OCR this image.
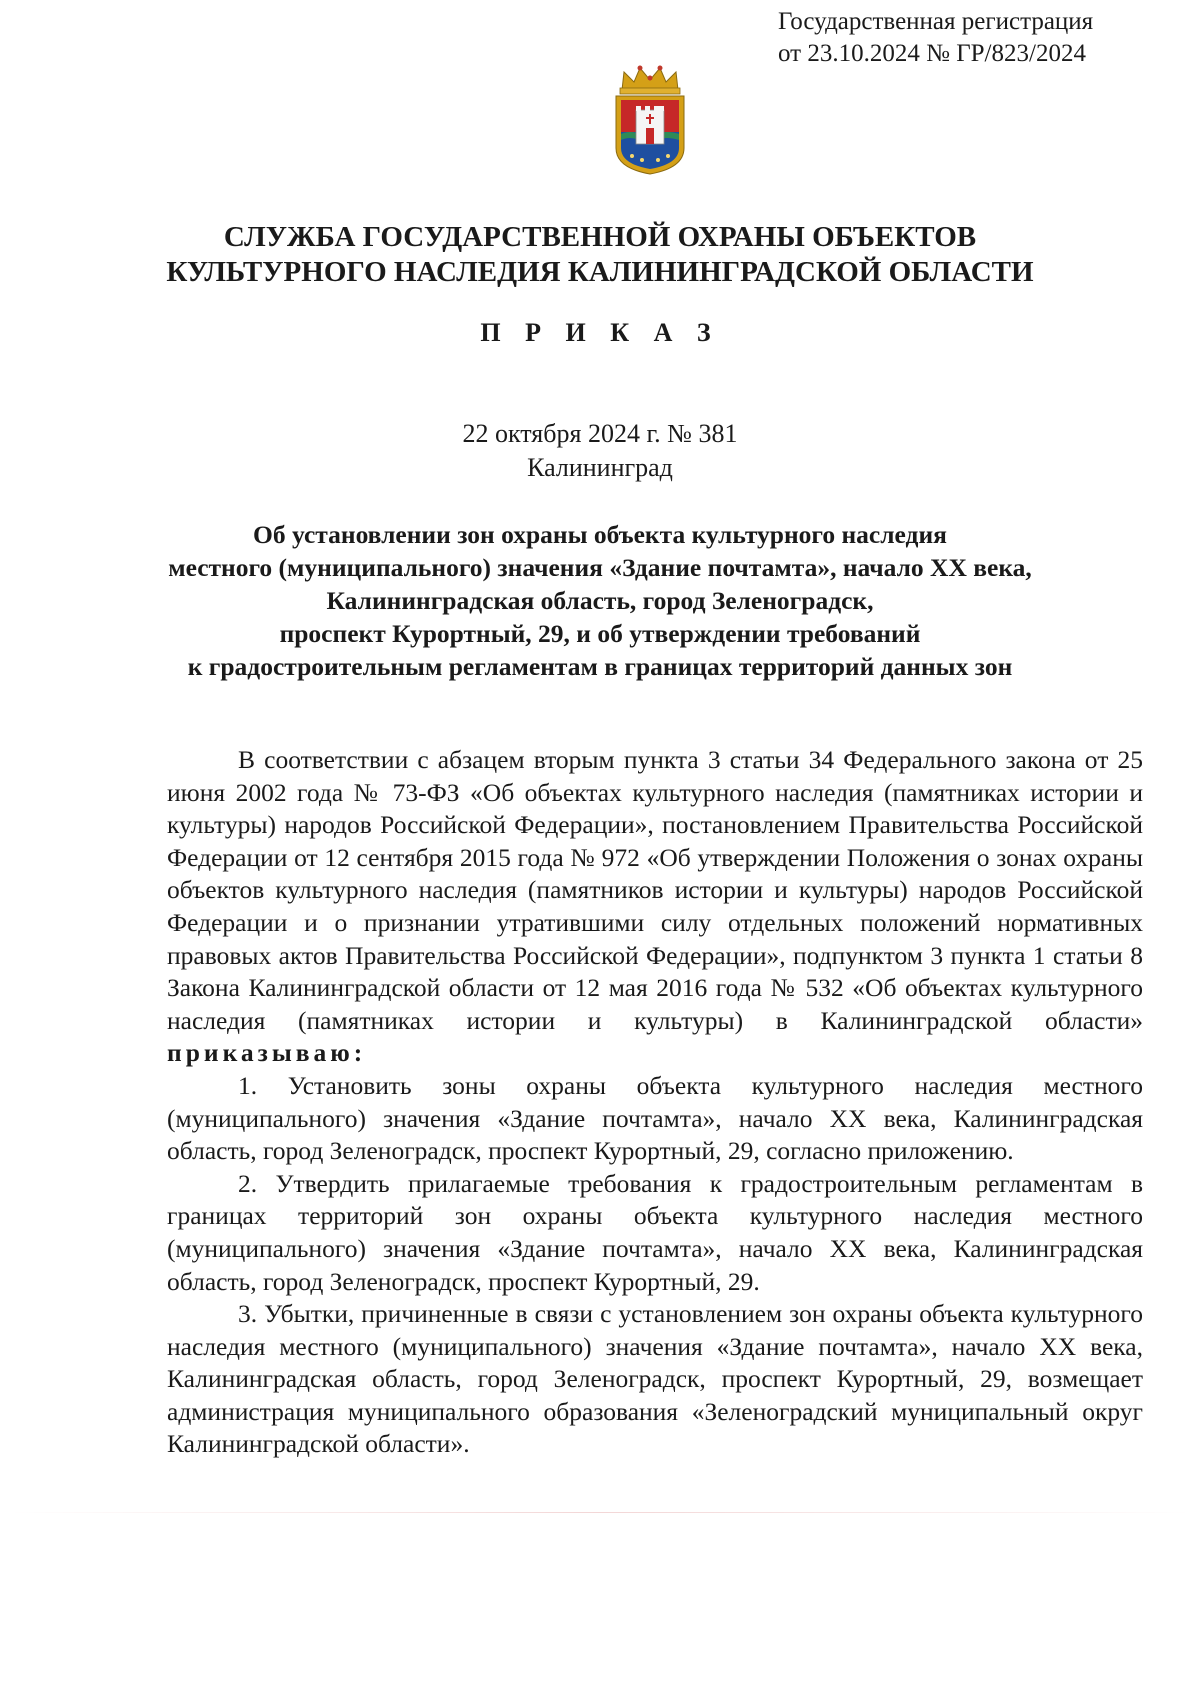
Государственная регистрация
от 23.10.2024 № ГР/823/2024
СЛУЖБА ГОСУДАРСТВЕННОЙ ОХРАНЫ ОБЪЕКТОВ
КУЛЬТУРНОГО НАСЛЕДИЯ КАЛИНИНГРАДСКОЙ ОБЛАСТИ
П Р И К А З
22 октября 2024 г. № 381
Калининград
Об установлении зон охраны объекта культурного наследия
местного (муниципального) значения «Здание почтамта», начало XX века,
Калининградская область, город Зеленоградск,
проспект Курортный, 29, и об утверждении требований
к градостроительным регламентам в границах территорий данных зон

В соответствии с абзацем вторым пункта 3 статьи 34 Федерального закона от 25 июня 2002 года № 73-ФЗ «Об объектах культурного наследия (памятниках истории и культуры) народов Российской Федерации», постановлением Правительства Российской Федерации от 12 сентября 2015 года № 972 «Об утверждении Положения о зонах охраны объектов культурного наследия (памятников истории и культуры) народов Российской Федерации и о признании утратившими силу отдельных положений нормативных правовых актов Правительства Российской Федерации», подпунктом 3 пункта 1 статьи 8 Закона Калининградской области от 12 мая 2016 года № 532 «Об объектах культурного наследия (памятниках истории и культуры) в Калининградской области» приказываю:

1. Установить зоны охраны объекта культурного наследия местного (муниципального) значения «Здание почтамта», начало XX века, Калининградская область, город Зеленоградск, проспект Курортный, 29, согласно приложению.

2. Утвердить прилагаемые требования к градостроительным регламентам в границах территорий зон охраны объекта культурного наследия местного (муниципального) значения «Здание почтамта», начало XX века, Калининградская область, город Зеленоградск, проспект Курортный, 29.

3. Убытки, причиненные в связи с установлением зон охраны объекта культурного наследия местного (муниципального) значения «Здание почтамта», начало XX века, Калининградская область, город Зеленоградск, проспект Курортный, 29, возмещает администрация муниципального образования «Зеленоградский муниципальный округ Калининградской области».
